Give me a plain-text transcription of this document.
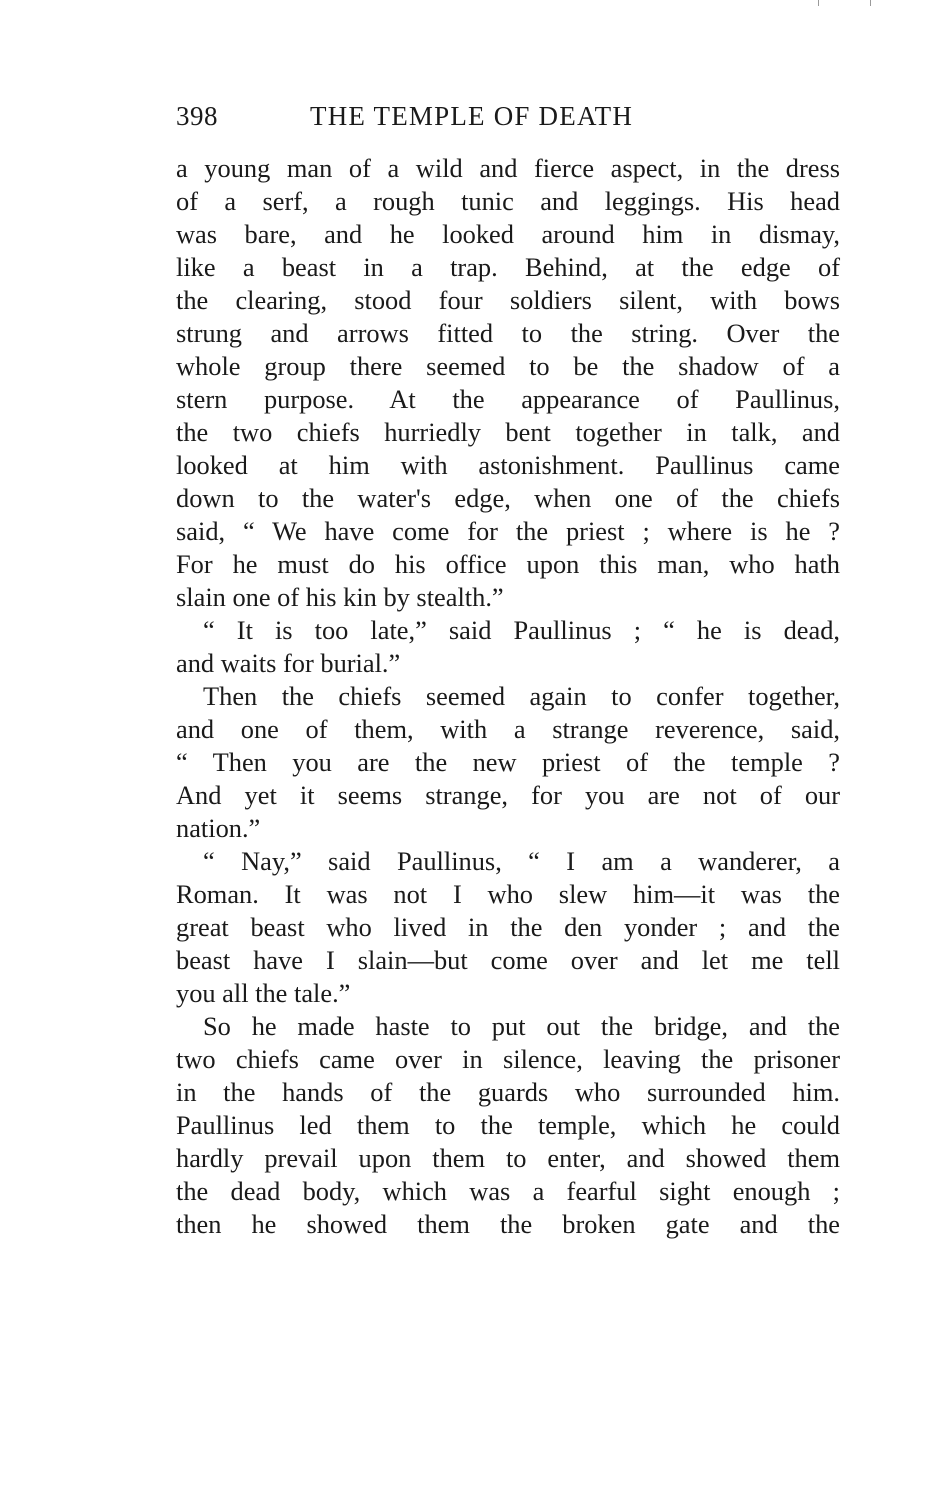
398	THE TEMPLE OF DEATH
a young man of a wild and fierce aspect, in the dress
of a serf, a rough tunic and leggings. His head
was bare, and he looked around him in dismay,
like a beast in a trap. Behind, at the edge of
the clearing, stood four soldiers silent, with bows
strung and arrows fitted to the string. Over the
whole group there seemed to be the shadow of a
stern purpose. At the appearance of Paullinus,
the two chiefs hurriedly bent together in talk, and
looked at him with astonishment. Paullinus came
down to the water's edge, when one of the chiefs
said, “ We have come for the priest ; where is he ?
For he must do his office upon this man, who hath
slain one of his kin by stealth.”
“ It is too late,” said Paullinus ; “ he is dead,
and waits for burial.”
Then the chiefs seemed again to confer together,
and one of them, with a strange reverence, said,
“ Then you are the new priest of the temple ?
And yet it seems strange, for you are not of our
nation.”
“ Nay,” said Paullinus, “ I am a wanderer, a
Roman. It was not I who slew him—it was the
great beast who lived in the den yonder ; and the
beast have I slain—but come over and let me tell
you all the tale.”
So he made haste to put out the bridge, and the
two chiefs came over in silence, leaving the prisoner
in the hands of the guards who surrounded him.
Paullinus led them to the temple, which he could
hardly prevail upon them to enter, and showed them
the dead body, which was a fearful sight enough ;
then he showed them the broken gate and the
